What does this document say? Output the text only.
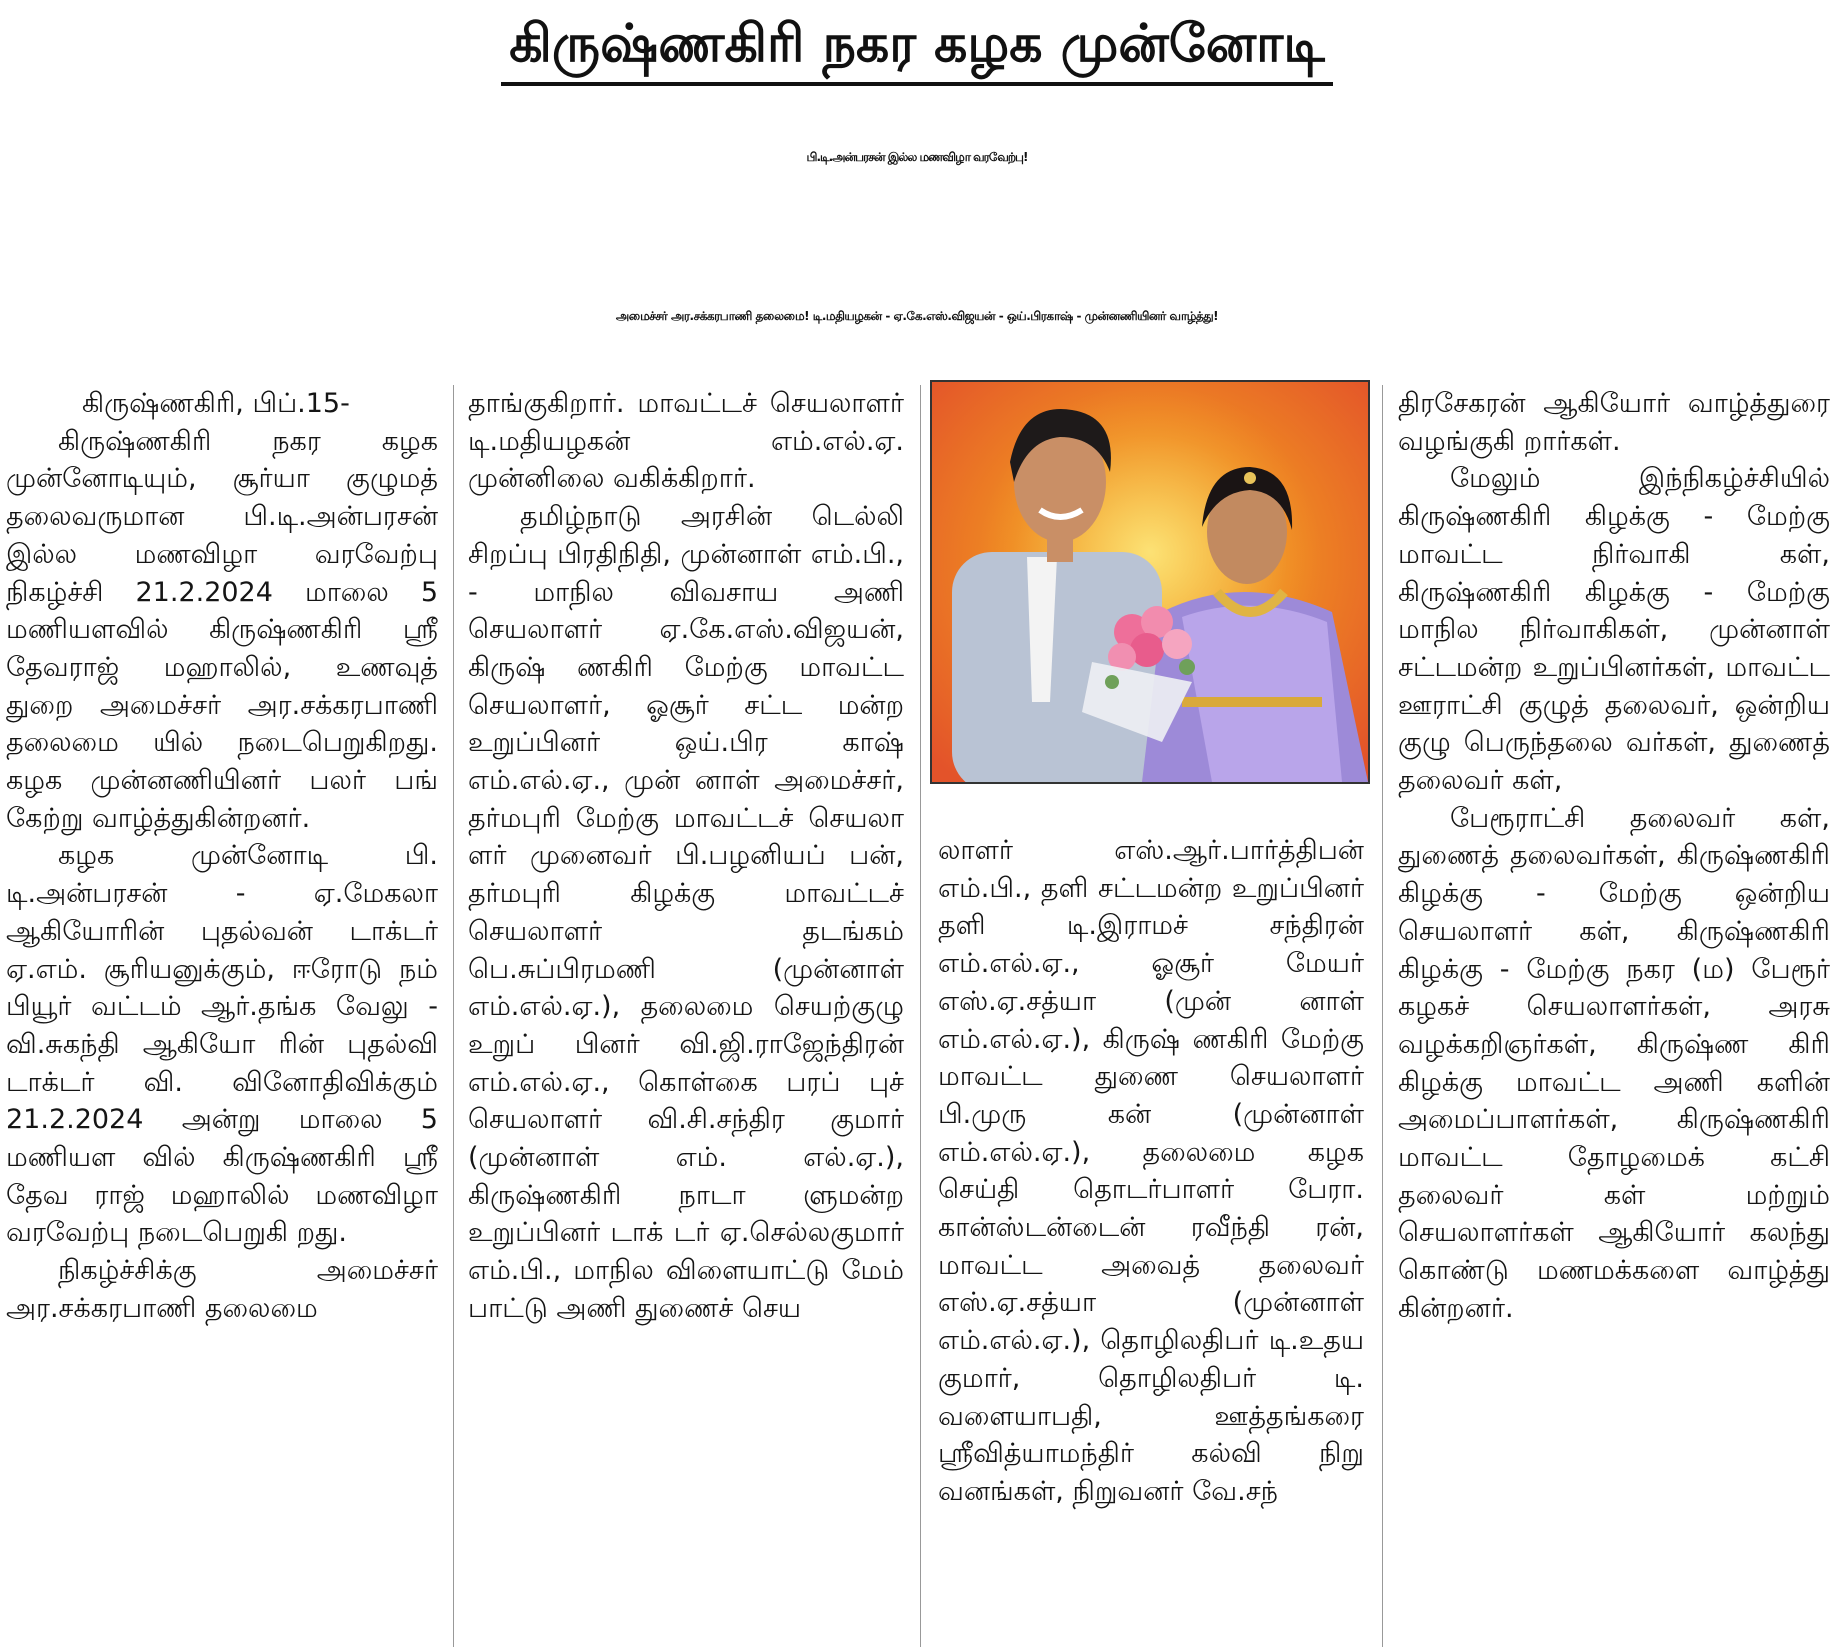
கிருஷ்ணகிரி நகர கழக முன்னோடி
பி.டி.அன்பரசன் இல்ல மணவிழா வரவேற்பு!
அமைச்சர் அர.சக்கரபாணி தலைமை! டி.மதியழகன் - ஏ.கே.எஸ்.விஜயன் - ஒய்.பிரகாஷ் - முன்னணியினர் வாழ்த்து!

கிருஷ்ணகிரி, பிப்.15-

கிருஷ்ணகிரி நகர கழக முன்னோடியும், சூர்யா குழுமத் தலைவருமான பி.டி.அன்பரசன் இல்ல மணவிழா வரவேற்பு நிகழ்ச்சி 21.2.2024 மாலை 5 மணியளவில் கிருஷ்ணகிரி ஸ்ரீ தேவராஜ் மஹாலில், உணவுத் துறை அமைச்சர் அர.சக்கரபாணி தலைமை யில் நடைபெறுகிறது. கழக முன்னணியினர் பலர் பங் கேற்று வாழ்த்துகின்றனர்.

கழக முன்னோடி பி. டி.அன்பரசன் - ஏ.மேகலா ஆகியோரின் புதல்வன் டாக்டர் ஏ.எம். சூரியனுக்கும், ஈரோடு நம் பியூர் வட்டம் ஆர்.தங்க வேலு - வி.சுகந்தி ஆகியோ ரின் புதல்வி டாக்டர் வி. வினோதிவிக்கும் 21.2.2024 அன்று மாலை 5 மணியள வில் கிருஷ்ணகிரி ஸ்ரீ தேவ ராஜ் மஹாலில் மணவிழா வரவேற்பு நடைபெறுகி றது.

நிகழ்ச்சிக்கு அமைச்சர் அர.சக்கரபாணி தலைமை

தாங்குகிறார். மாவட்டச் செயலாளர் டி.மதியழகன் எம்.எல்.ஏ. முன்னிலை வகிக்கிறார்.

தமிழ்நாடு அரசின் டெல்லி சிறப்பு பிரதிநிதி, முன்னாள் எம்.பி., - மாநில விவசாய அணி செயலாளர் ஏ.கே.எஸ்.விஜயன், கிருஷ் ணகிரி மேற்கு மாவட்ட செயலாளர், ஓசூர் சட்ட மன்ற உறுப்பினர் ஒய்.பிர காஷ் எம்.எல்.ஏ., முன் னாள் அமைச்சர், தர்மபுரி மேற்கு மாவட்டச் செயலா ளர் முனைவர் பி.பழனியப் பன், தர்மபுரி கிழக்கு மாவட்டச் செயலாளர் தடங்கம் பெ.சுப்பிரமணி (முன்னாள் எம்.எல்.ஏ.), தலைமை செயற்குழு உறுப் பினர் வி.ஜி.ராஜேந்திரன் எம்.எல்.ஏ., கொள்கை பரப் புச் செயலாளர் வி.சி.சந்திர குமார் (முன்னாள் எம். எல்.ஏ.), கிருஷ்ணகிரி நாடா ளுமன்ற உறுப்பினர் டாக் டர் ஏ.செல்லகுமார் எம்.பி., மாநில விளையாட்டு மேம் பாட்டு அணி துணைச் செய

லாளர் எஸ்.ஆர்.பார்த்திபன் எம்.பி., தளி சட்டமன்ற உறுப்பினர் தளி டி.இராமச் சந்திரன் எம்.எல்.ஏ., ஓசூர் மேயர் எஸ்.ஏ.சத்யா (முன் னாள் எம்.எல்.ஏ.), கிருஷ் ணகிரி மேற்கு மாவட்ட துணை செயலாளர் பி.முரு கன் (முன்னாள் எம்.எல்.ஏ.), தலைமை கழக செய்தி தொடர்பாளர் பேரா. கான்ஸ்டன்டைன் ரவீந்தி ரன், மாவட்ட அவைத் தலைவர் எஸ்.ஏ.சத்யா (முன்னாள் எம்.எல்.ஏ.), தொழிலதிபர் டி.உதய குமார், தொழிலதிபர் டி. வளையாபதி, ஊத்தங்கரை ஸ்ரீவித்யாமந்திர் கல்வி நிறு வனங்கள், நிறுவனர் வே.சந்

திரசேகரன் ஆகியோர் வாழ்த்துரை வழங்குகி றார்கள்.

மேலும் இந்நிகழ்ச்சியில் கிருஷ்ணகிரி கிழக்கு - மேற்கு மாவட்ட நிர்வாகி கள், கிருஷ்ணகிரி கிழக்கு - மேற்கு மாநில நிர்வாகிகள், முன்னாள் சட்டமன்ற உறுப்பினர்கள், மாவட்ட ஊராட்சி குழுத் தலைவர், ஒன்றிய குழு பெருந்தலை வர்கள், துணைத் தலைவர் கள்,

பேரூராட்சி தலைவர் கள், துணைத் தலைவர்கள், கிருஷ்ணகிரி கிழக்கு - மேற்கு ஒன்றிய செயலாளர் கள், கிருஷ்ணகிரி கிழக்கு - மேற்கு நகர (ம) பேரூர் கழகச் செயலாளர்கள், அரசு வழக்கறிஞர்கள், கிருஷ்ண கிரி கிழக்கு மாவட்ட அணி களின் அமைப்பாளர்கள், கிருஷ்ணகிரி மாவட்ட தோழமைக் கட்சி தலைவர் கள் மற்றும் செயலாளர்கள் ஆகியோர் கலந்து கொண்டு மணமக்களை வாழ்த்து கின்றனர்.
